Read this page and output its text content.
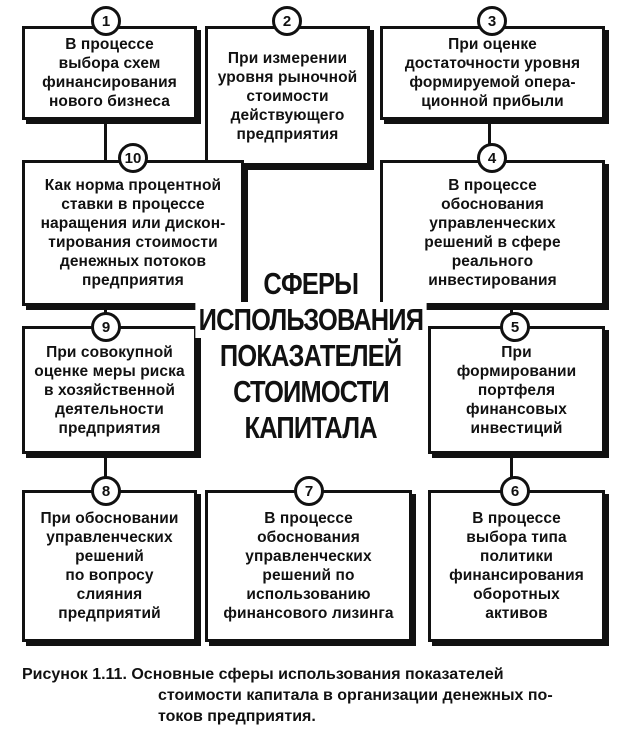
В процессе
выбора схем
финансирования
нового бизнеса
1
При измерении
уровня рыночной
стоимости
действующего
предприятия
2
При оценке
достаточности уровня
формируемой опера-
ционной прибыли
3
Как норма процентной
ставки в процессе
наращения или дискон-
тирования стоимости
денежных потоков
предприятия
10
В процессе
обоснования
управленческих
решений в сфере
реального
инвестирования
4
При совокупной
оценке меры риска
в хозяйственной
деятельности
предприятия
9
При
формировании
портфеля
финансовых
инвестиций
5
При обосновании
управленческих
решений
по вопросу
слияния
предприятий
8
В процессе
обоснования
управленческих
решений по
использованию
финансового лизинга
7
В процессе
выбора типа
политики
финансирования
оборотных
активов
6
СФЕРЫ
ИСПОЛЬЗОВАНИЯ
ПОКАЗАТЕЛЕЙ
СТОИМОСТИ
КАПИТАЛА
Рисунок 1.11. Основные сферы использования показателей
стоимости капитала в организации денежных по-
токов предприятия.
